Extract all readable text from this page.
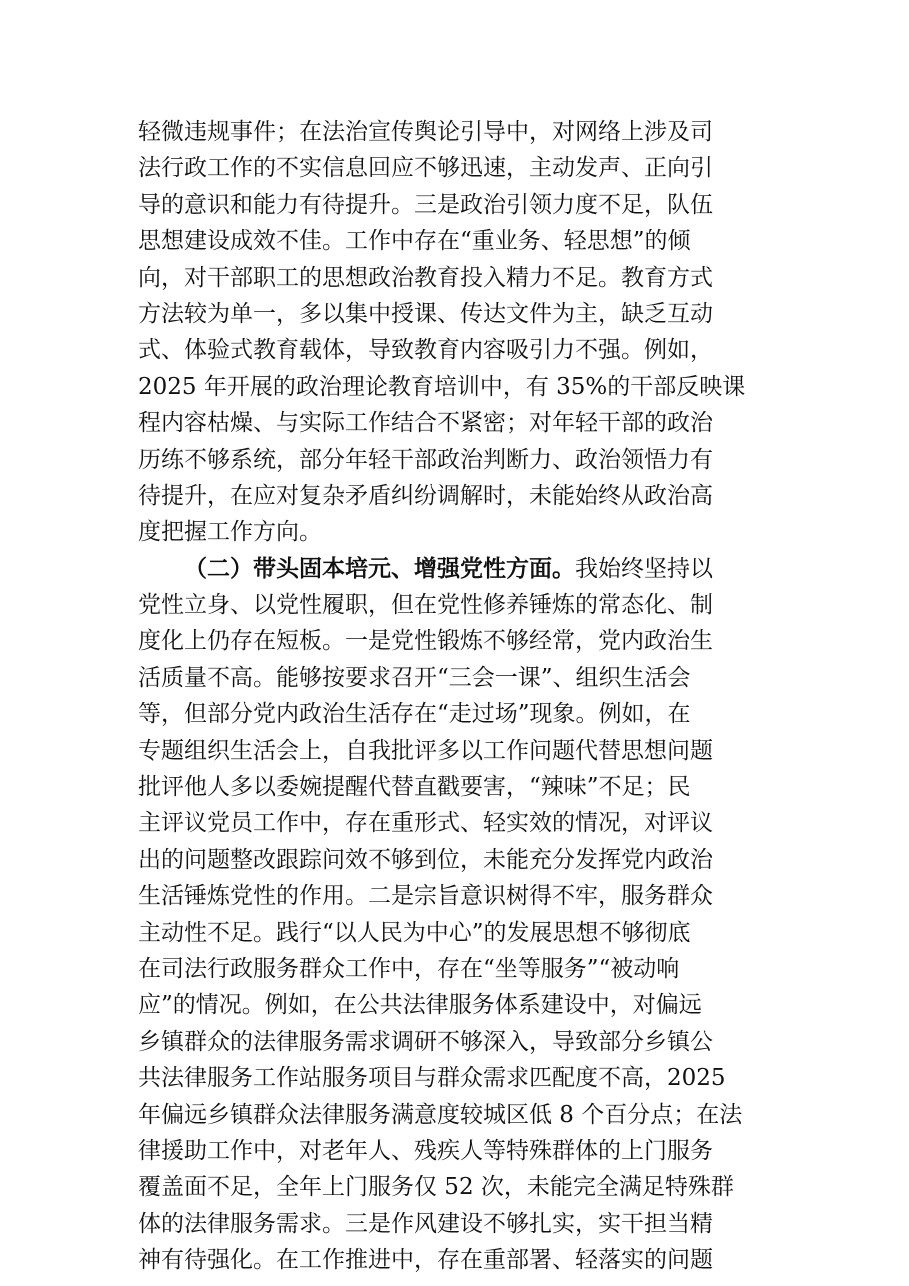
轻微违规事件；在法治宣传舆论引导中，对网络上涉及司
法行政工作的不实信息回应不够迅速，主动发声、正向引
导的意识和能力有待提升。三是政治引领力度不足，队伍
思想建设成效不佳。工作中存在“重业务、轻思想”的倾
向，对干部职工的思想政治教育投入精力不足。教育方式
方法较为单一，多以集中授课、传达文件为主，缺乏互动
式、体验式教育载体，导致教育内容吸引力不强。例如，
2025 年开展的政治理论教育培训中，有 35%的干部反映课
程内容枯燥、与实际工作结合不紧密；对年轻干部的政治
历练不够系统，部分年轻干部政治判断力、政治领悟力有
待提升，在应对复杂矛盾纠纷调解时，未能始终从政治高
度把握工作方向。
（二）带头固本培元、增强党性方面。我始终坚持以
党性立身、以党性履职，但在党性修养锤炼的常态化、制
度化上仍存在短板。一是党性锻炼不够经常，党内政治生
活质量不高。能够按要求召开“三会一课”、组织生活会
等，但部分党内政治生活存在“走过场”现象。例如，在
专题组织生活会上，自我批评多以工作问题代替思想问题
批评他人多以委婉提醒代替直戳要害，“辣味”不足；民
主评议党员工作中，存在重形式、轻实效的情况，对评议
出的问题整改跟踪问效不够到位，未能充分发挥党内政治
生活锤炼党性的作用。二是宗旨意识树得不牢，服务群众
主动性不足。践行“以人民为中心”的发展思想不够彻底
在司法行政服务群众工作中，存在“坐等服务”“被动响
应”的情况。例如，在公共法律服务体系建设中，对偏远
乡镇群众的法律服务需求调研不够深入，导致部分乡镇公
共法律服务工作站服务项目与群众需求匹配度不高，2025
年偏远乡镇群众法律服务满意度较城区低 8 个百分点；在法
律援助工作中，对老年人、残疾人等特殊群体的上门服务
覆盖面不足，全年上门服务仅 52 次，未能完全满足特殊群
体的法律服务需求。三是作风建设不够扎实，实干担当精
神有待强化。在工作推进中，存在重部署、轻落实的问题
